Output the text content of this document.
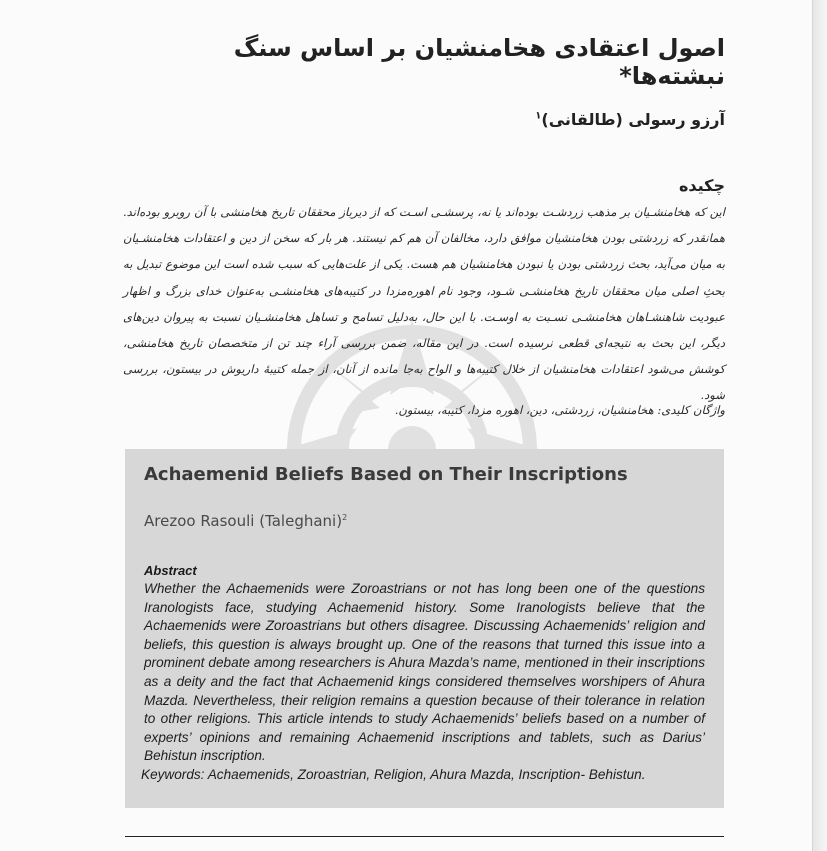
اصول اعتقادی هخامنشیان بر اساس سنگ نبشته‌ها*
آرزو رسولی (طالقانی)$^۱$
چکیده

این که هخامنشـیان بر مذهب زردشـت بوده‌اند یا نه، پرسشـی اسـت که از دیرباز محققان تاریخ هخامنشی با آن روبرو بوده‌اند. همانقدر که زردشتی بودن هخامنشیان موافق دارد، مخالفان آن هم کم نیستند. هر بار که سخن از دین و اعتقادات هخامنشـیان به میان می‌آید، بحث زردشتی بودن یا نبودن هخامنشیان هم هست. یکی از علت‌هایی که سبب شده است این موضوع تبدیل به بحثِ اصلی میان محققان تاریخ هخامنشـی شـود، وجود نام اهوره‌مزدا در کتیبه‌های هخامنشـی به‌عنوان خدای بزرگ و اظهار عبودیت شاهنشـاهان هخامنشـی نسـبت به اوسـت. با این حال، به‌دلیل تسامح و تساهل هخامنشـیان نسبت به پیروان دین‌های دیگر، این بحث به نتیجه‌ای قطعی نرسیده است. در این مقاله، ضمن بررسی آراء چند تن از متخصصان تاریخ هخامنشی، کوشش می‌شود اعتقادات هخامنشیان از خلال کتیبه‌ها و الواح به‌جا مانده از آنان، از جمله کتیبهٔ داریوش در بیستون، بررسی شود.

واژگان کلیدی: هخامنشیان، زردشتی، دین، اهوره مزدا، کتیبه، بیستون.
Achaemenid Beliefs Based on Their Inscriptions
Arezoo Rasouli (Taleghani)$^2$
Abstract

Whether the Achaemenids were Zoroastrians or not has long been one of the questions Iranologists face, studying Achaemenid history. Some Iranologists believe that the Achaemenids were Zoroastrians but others disagree. Discussing Achaemenids’ religion and beliefs, this question is always brought up. One of the reasons that turned this issue into a prominent debate among researchers is Ahura Mazda’s name, mentioned in their inscriptions as a deity and the fact that Achaemenid kings considered themselves worshipers of Ahura Mazda. Nevertheless, their religion remains a question because of their tolerance in relation to other religions. This article intends to study Achaemenids’ beliefs based on a number of experts’ opinions and remaining Achaemenid inscriptions and tablets, such as Darius’ Behistun inscription.

Keywords: Achaemenids, Zoroastrian, Religion, Ahura Mazda, Inscription- Behistun.
